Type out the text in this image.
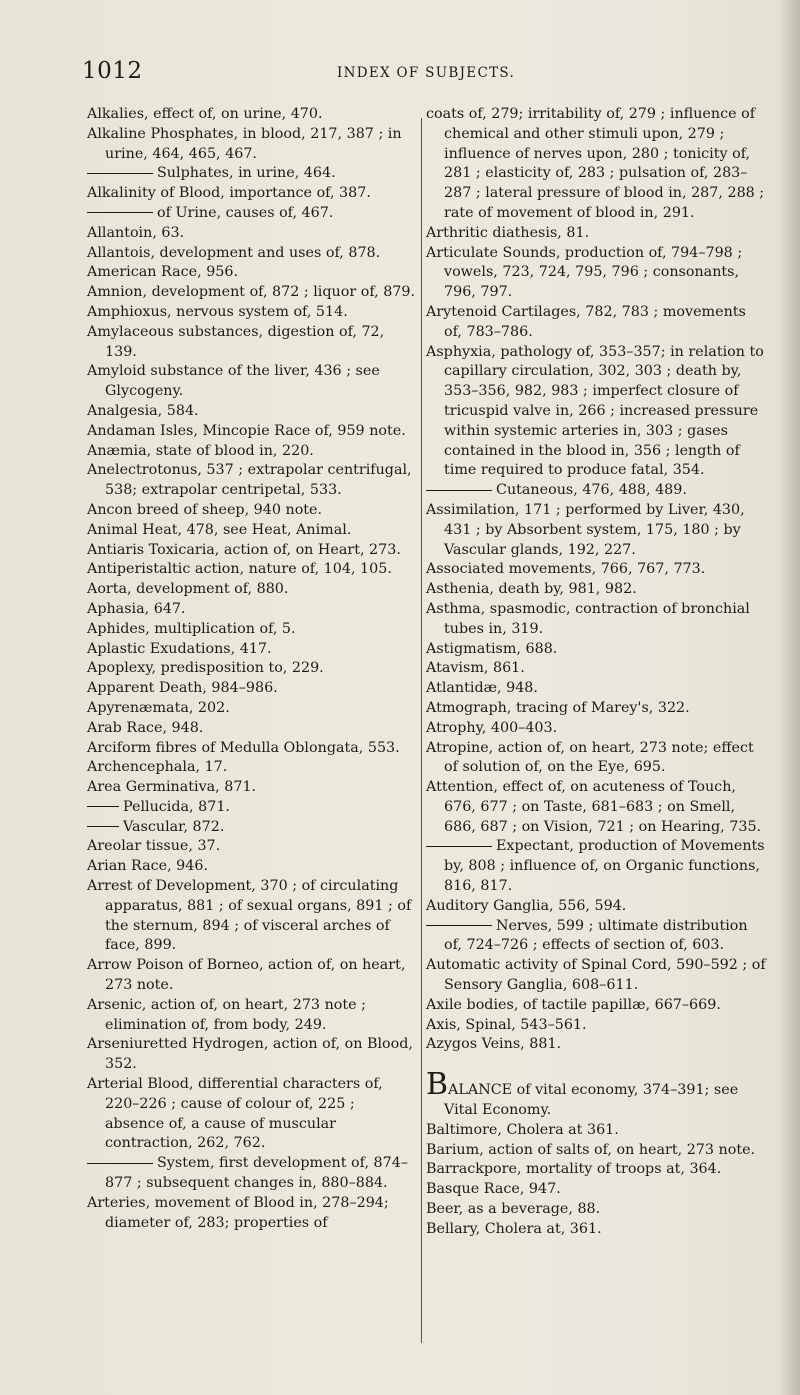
1012	INDEX OF SUBJECTS.
Alkalies, effect of, on urine, 470.
Alkaline Phosphates, in blood, 217, 387 ; in urine, 464, 465, 467.
Sulphates, in urine, 464.
Alkalinity of Blood, importance of, 387.
of Urine, causes of, 467.
Allantoin, 63.
Allantois, development and uses of, 878.
American Race, 956.
Amnion, development of, 872 ; liquor of, 879.
Amphioxus, nervous system of, 514.
Amylaceous substances, digestion of, 72, 139.
Amyloid substance of the liver, 436 ; see Glycogeny.
Analgesia, 584.
Andaman Isles, Mincopie Race of, 959 note.
Anæmia, state of blood in, 220.
Anelectrotonus, 537 ; extrapolar centrifugal, 538; extrapolar centripetal, 533.
Ancon breed of sheep, 940 note.
Animal Heat, 478, see Heat, Animal.
Antiaris Toxicaria, action of, on Heart, 273.
Antiperistaltic action, nature of, 104, 105.
Aorta, development of, 880.
Aphasia, 647.
Aphides, multiplication of, 5.
Aplastic Exudations, 417.
Apoplexy, predisposition to, 229.
Apparent Death, 984–986.
Apyrenæmata, 202.
Arab Race, 948.
Arciform fibres of Medulla Oblongata, 553.
Archencephala, 17.
Area Germinativa, 871.
Pellucida, 871.
Vascular, 872.
Areolar tissue, 37.
Arian Race, 946.
Arrest of Development, 370 ; of circulating apparatus, 881 ; of sexual organs, 891 ; of the sternum, 894 ; of visceral arches of face, 899.
Arrow Poison of Borneo, action of, on heart, 273 note.
Arsenic, action of, on heart, 273 note ; elimination of, from body, 249.
Arseniuretted Hydrogen, action of, on Blood, 352.
Arterial Blood, differential characters of, 220–226 ; cause of colour of, 225 ; absence of, a cause of muscular contraction, 262, 762.
System, first development of, 874–877 ; subsequent changes in, 880–884.
Arteries, movement of Blood in, 278–294; diameter of, 283; properties of
coats of, 279; irritability of, 279 ; influence of chemical and other stimuli upon, 279 ; influence of nerves upon, 280 ; tonicity of, 281 ; elasticity of, 283 ; pulsation of, 283–287 ; lateral pressure of blood in, 287, 288 ; rate of movement of blood in, 291.
Arthritic diathesis, 81.
Articulate Sounds, production of, 794–798 ; vowels, 723, 724, 795, 796 ; consonants, 796, 797.
Arytenoid Cartilages, 782, 783 ; movements of, 783–786.
Asphyxia, pathology of, 353–357; in relation to capillary circulation, 302, 303 ; death by, 353–356, 982, 983 ; imperfect closure of tricuspid valve in, 266 ; increased pressure within systemic arteries in, 303 ; gases contained in the blood in, 356 ; length of time required to produce fatal, 354.
Cutaneous, 476, 488, 489.
Assimilation, 171 ; performed by Liver, 430, 431 ; by Absorbent system, 175, 180 ; by Vascular glands, 192, 227.
Associated movements, 766, 767, 773.
Asthenia, death by, 981, 982.
Asthma, spasmodic, contraction of bronchial tubes in, 319.
Astigmatism, 688.
Atavism, 861.
Atlantidæ, 948.
Atmograph, tracing of Marey's, 322.
Atrophy, 400–403.
Atropine, action of, on heart, 273 note; effect of solution of, on the Eye, 695.
Attention, effect of, on acuteness of Touch, 676, 677 ; on Taste, 681–683 ; on Smell, 686, 687 ; on Vision, 721 ; on Hearing, 735.
Expectant, production of Movements by, 808 ; influence of, on Organic functions, 816, 817.
Auditory Ganglia, 556, 594.
Nerves, 599 ; ultimate distribution of, 724–726 ; effects of section of, 603.
Automatic activity of Spinal Cord, 590–592 ; of Sensory Ganglia, 608–611.
Axile bodies, of tactile papillæ, 667–669.
Axis, Spinal, 543–561.
Azygos Veins, 881.
BALANCE of vital economy, 374–391; see Vital Economy.
Baltimore, Cholera at 361.
Barium, action of salts of, on heart, 273 note.
Barrackpore, mortality of troops at, 364.
Basque Race, 947.
Beer, as a beverage, 88.
Bellary, Cholera at, 361.
